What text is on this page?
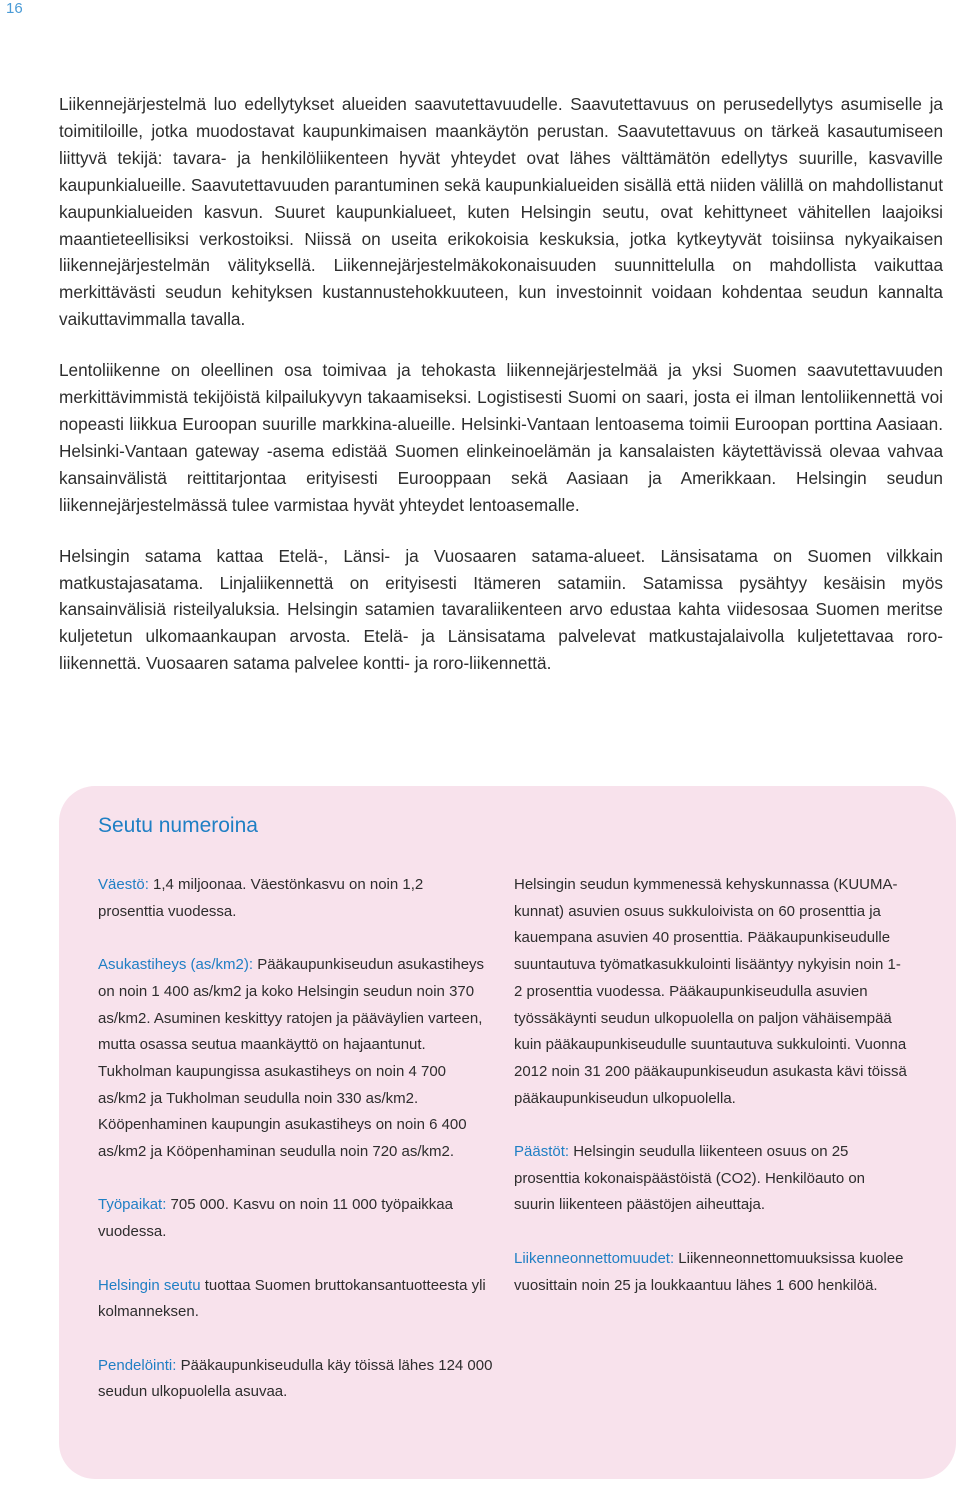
16

Liikennejärjestelmä luo edellytykset alueiden saavutettavuudelle. Saavutettavuus on perusedellytys asumiselle ja toimitiloille, jotka muodostavat kaupunkimaisen maankäytön perustan. Saavutettavuus on tärkeä kasautumiseen liittyvä tekijä: tavara- ja henkilöliikenteen hyvät yhteydet ovat lähes välttämätön edellytys suurille, kasvaville kaupunkialueille. Saavutettavuuden parantuminen sekä kaupunkialueiden sisällä että niiden välillä on mahdollistanut kaupunkialueiden kasvun. Suuret kaupunkialueet, kuten Helsingin seutu, ovat kehittyneet vähitellen laajoiksi maantieteellisiksi verkostoiksi. Niissä on useita erikokoisia keskuksia, jotka kytkeytyvät toisiinsa nykyaikaisen liikennejärjestelmän välityksellä. Liikennejärjestelmäkokonaisuuden suunnittelulla on mahdollista vaikuttaa merkittävästi seudun kehityksen kustannustehokkuuteen, kun investoinnit voidaan kohdentaa seudun kannalta vaikuttavimmalla tavalla.

Lentoliikenne on oleellinen osa toimivaa ja tehokasta liikennejärjestelmää ja yksi Suomen saavutettavuuden merkittävimmistä tekijöistä kilpailukyvyn takaamiseksi. Logistisesti Suomi on saari, josta ei ilman lentoliikennettä voi nopeasti liikkua Euroopan suurille markkina-alueille. Helsinki-Vantaan lentoasema toimii Euroopan porttina Aasiaan. Helsinki-Vantaan gateway -asema edistää Suomen elinkeinoelämän ja kansalaisten käytettävissä olevaa vahvaa kansainvälistä reittitarjontaa erityisesti Eurooppaan sekä Aasiaan ja Amerikkaan. Helsingin seudun liikennejärjestelmässä tulee varmistaa hyvät yhteydet lentoasemalle.

Helsingin satama kattaa Etelä-, Länsi- ja Vuosaaren satama-alueet. Länsisatama on Suomen vilkkain matkustajasatama. Linjaliikennettä on erityisesti Itämeren satamiin. Satamissa pysähtyy kesäisin myös kansainvälisiä risteilyaluksia. Helsingin satamien tavaraliikenteen arvo edustaa kahta viidesosaa Suomen meritse kuljetetun ulkomaankaupan arvosta. Etelä- ja Länsisatama palvelevat matkustajalaivolla kuljetettavaa roro-liikennettä. Vuosaaren satama palvelee kontti- ja roro-liikennettä.

Seutu numeroina

Väestö: 1,4 miljoonaa. Väestönkasvu on noin 1,2 prosenttia vuodessa.

Asukastiheys (as/km2): Pääkaupunkiseudun asukastiheys on noin 1 400 as/km2 ja koko Helsingin seudun noin 370 as/km2. Asuminen keskittyy ratojen ja pääväylien varteen, mutta osassa seutua maankäyttö on hajaantunut. Tukholman kaupungissa asukastiheys on noin 4 700 as/km2 ja Tukholman seudulla noin 330 as/km2. Kööpenhaminen kaupungin asukastiheys on noin 6 400 as/km2 ja Kööpenhaminan seudulla noin 720 as/km2.

Työpaikat: 705 000. Kasvu on noin 11 000 työpaikkaa vuodessa.

Helsingin seutu tuottaa Suomen bruttokansantuotteesta yli kolmanneksen.

Pendelöinti: Pääkaupunkiseudulla käy töissä lähes 124 000 seudun ulkopuolella asuvaa.

Helsingin seudun kymmenessä kehyskunnassa (KUUMA-kunnat) asuvien osuus sukkuloivista on 60 prosenttia ja kauempana asuvien 40 prosenttia. Pääkaupunkiseudulle suuntautuva työmatkasukkulointi lisääntyy nykyisin noin 1-2 prosenttia vuodessa. Pääkaupunkiseudulla asuvien työssäkäynti seudun ulkopuolella on paljon vähäisempää kuin pääkaupunkiseudulle suuntautuva sukkulointi. Vuonna 2012 noin 31 200 pääkaupunkiseudun asukasta kävi töissä pääkaupunkiseudun ulkopuolella.

Päästöt: Helsingin seudulla liikenteen osuus on 25 prosenttia kokonaispäästöistä (CO2). Henkilöauto on suurin liikenteen päästöjen aiheuttaja.

Liikenneonnettomuudet: Liikenneonnettomuuksissa kuolee vuosittain noin 25 ja loukkaantuu lähes 1 600 henkilöä.
